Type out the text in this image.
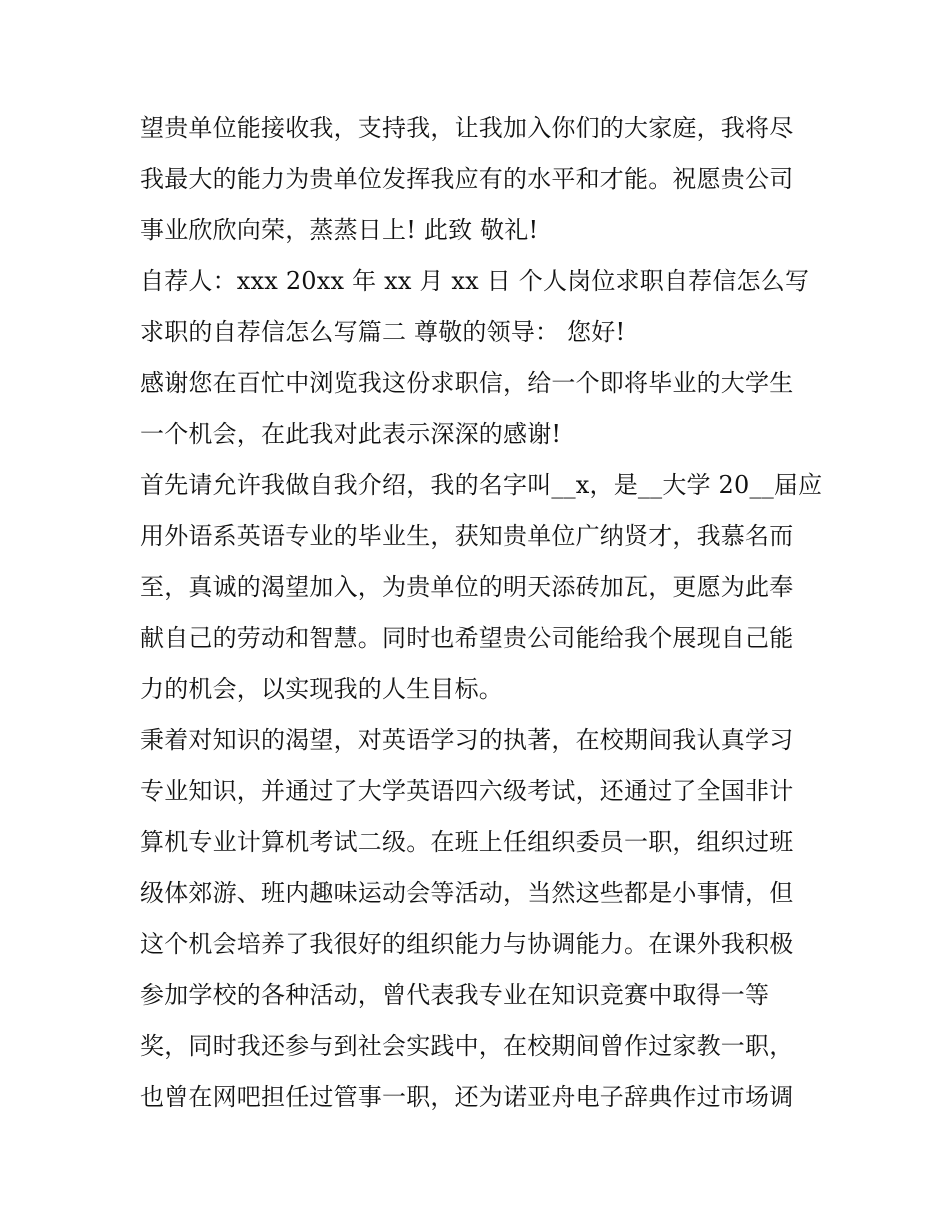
望贵单位能接收我，支持我，让我加入你们的大家庭，我将尽
我最大的能力为贵单位发挥我应有的水平和才能。祝愿贵公司
事业欣欣向荣，蒸蒸日上! 此致 敬礼!
自荐人：xxx 20xx 年 xx 月 xx 日 个人岗位求职自荐信怎么写
求职的自荐信怎么写篇二 尊敬的领导： 您好!
感谢您在百忙中浏览我这份求职信，给一个即将毕业的大学生
一个机会，在此我对此表示深深的感谢!
首先请允许我做自我介绍，我的名字叫__x，是__大学 20__届应
用外语系英语专业的毕业生，获知贵单位广纳贤才，我慕名而
至，真诚的渴望加入，为贵单位的明天添砖加瓦，更愿为此奉
献自己的劳动和智慧。同时也希望贵公司能给我个展现自己能
力的机会，以实现我的人生目标。
秉着对知识的渴望，对英语学习的执著，在校期间我认真学习
专业知识，并通过了大学英语四六级考试，还通过了全国非计
算机专业计算机考试二级。在班上任组织委员一职，组织过班
级体郊游、班内趣味运动会等活动，当然这些都是小事情，但
这个机会培养了我很好的组织能力与协调能力。在课外我积极
参加学校的各种活动，曾代表我专业在知识竞赛中取得一等
奖，同时我还参与到社会实践中，在校期间曾作过家教一职，
也曾在网吧担任过管事一职，还为诺亚舟电子辞典作过市场调
